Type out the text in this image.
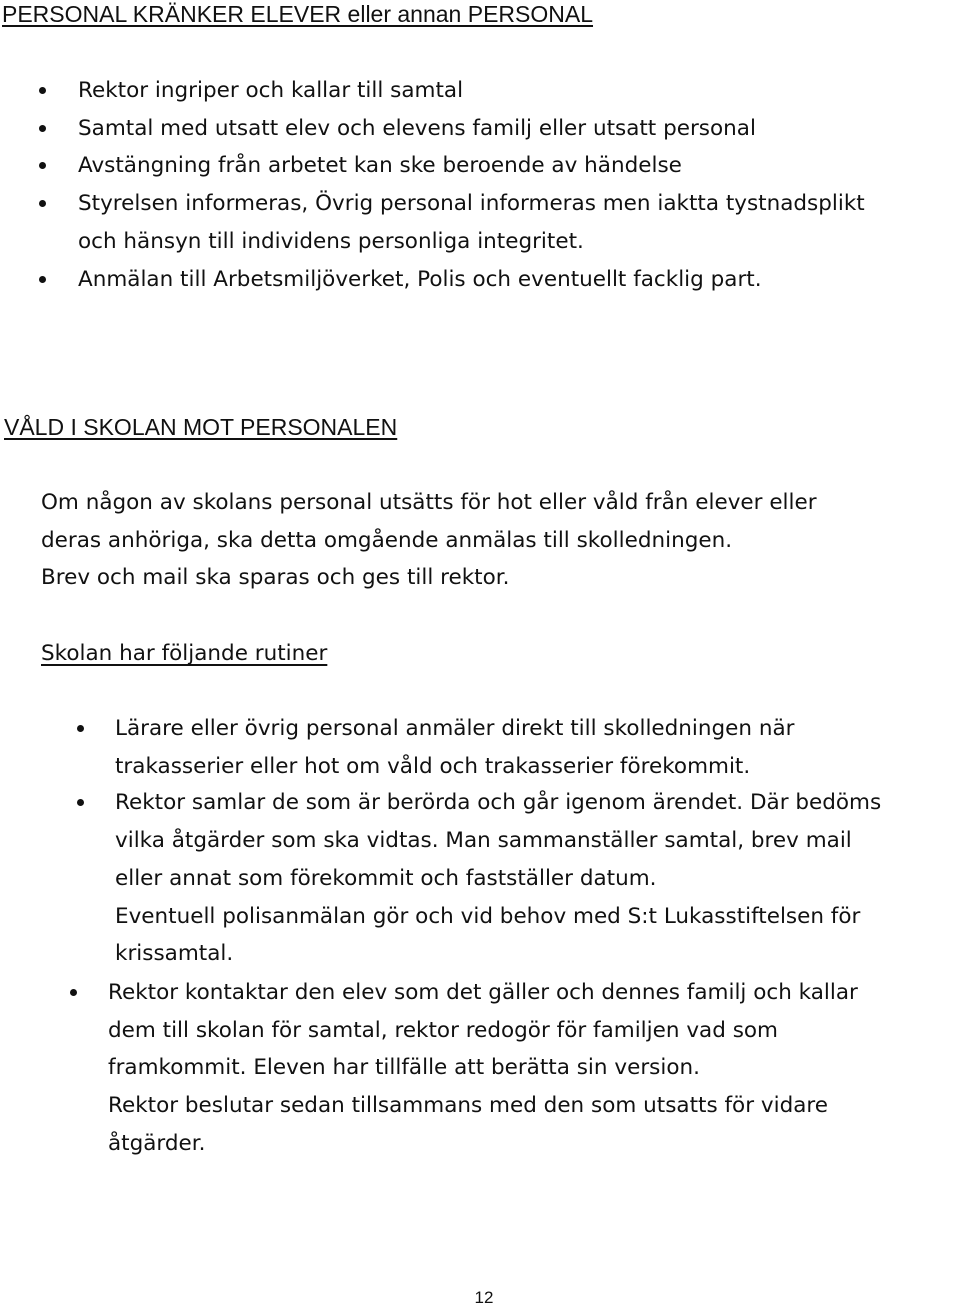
PERSONAL KRÄNKER ELEVER eller annan PERSONAL
Rektor ingriper och kallar till samtal
Samtal med utsatt elev och elevens familj eller utsatt personal
Avstängning från arbetet kan ske beroende av händelse
Styrelsen informeras, Övrig personal informeras men iaktta tystnadsplikt
och hänsyn till individens personliga integritet.
Anmälan till Arbetsmiljöverket, Polis och eventuellt facklig part.
VÅLD I SKOLAN MOT PERSONALEN

Om någon av skolans personal utsätts för hot eller våld från elever eller
deras anhöriga, ska detta omgående anmälas till skolledningen.
Brev och mail ska sparas och ges till rektor.

Skolan har följande rutiner

Lärare eller övrig personal anmäler direkt till skolledningen när
trakasserier eller hot om våld och trakasserier förekommit.
Rektor samlar de som är berörda och går igenom ärendet. Där bedöms
vilka åtgärder som ska vidtas. Man sammanställer samtal, brev mail
eller annat som förekommit och fastställer datum.
Eventuell polisanmälan gör och vid behov med S:t Lukasstiftelsen för
krissamtal.
Rektor kontaktar den elev som det gäller och dennes familj och kallar
dem till skolan för samtal, rektor redogör för familjen vad som
framkommit. Eleven har tillfälle att berätta sin version.
Rektor beslutar sedan tillsammans med den som utsatts för vidare
åtgärder.
12
